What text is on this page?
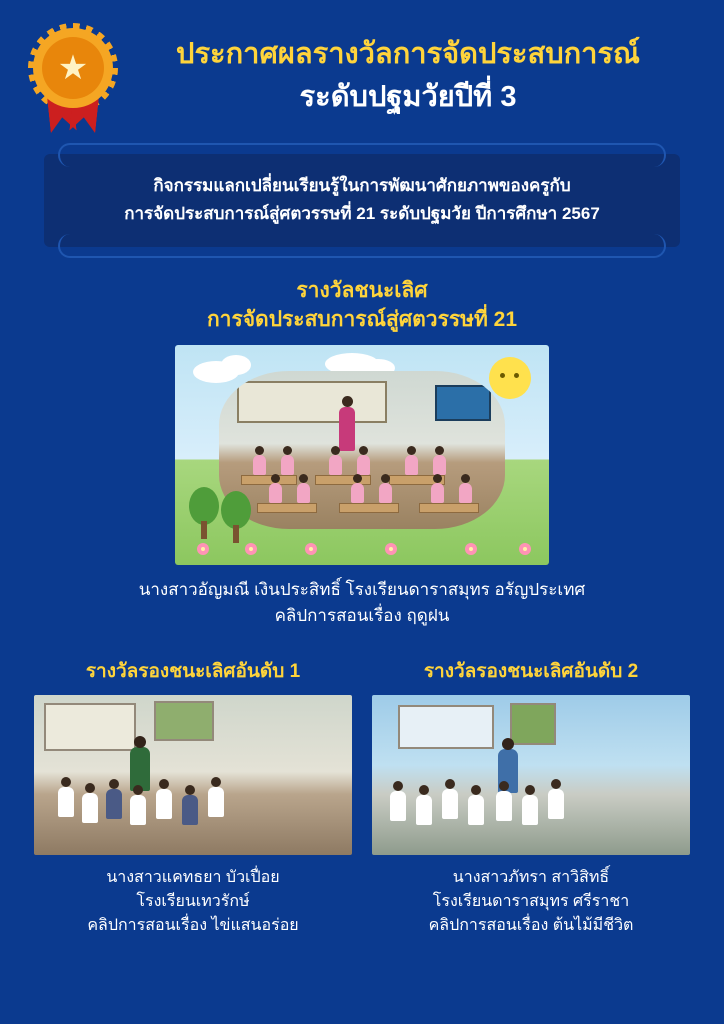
★	ประกาศผลรางวัลการจัดประสบการณ์
ระดับปฐมวัยปีที่ 3
กิจกรรมแลกเปลี่ยนเรียนรู้ในการพัฒนาศักยภาพของครูกับ
การจัดประสบการณ์สู่ศตวรรษที่ 21 ระดับปฐมวัย ปีการศึกษา 2567
รางวัลชนะเลิศ
การจัดประสบการณ์สู่ศตวรรษที่ 21
นางสาวอัญมณี เงินประสิทธิ์ โรงเรียนดาราสมุทร อรัญประเทศ
คลิปการสอนเรื่อง ฤดูฝน
รางวัลรองชนะเลิศอันดับ 1
นางสาวแคทธยา บัวเปื่อย
โรงเรียนเทวรักษ์
คลิปการสอนเรื่อง ไข่แสนอร่อย
รางวัลรองชนะเลิศอันดับ 2
นางสาวภัทรา สาวิสิทธิ์
โรงเรียนดาราสมุทร ศรีราชา
คลิปการสอนเรื่อง ต้นไม้มีชีวิต
